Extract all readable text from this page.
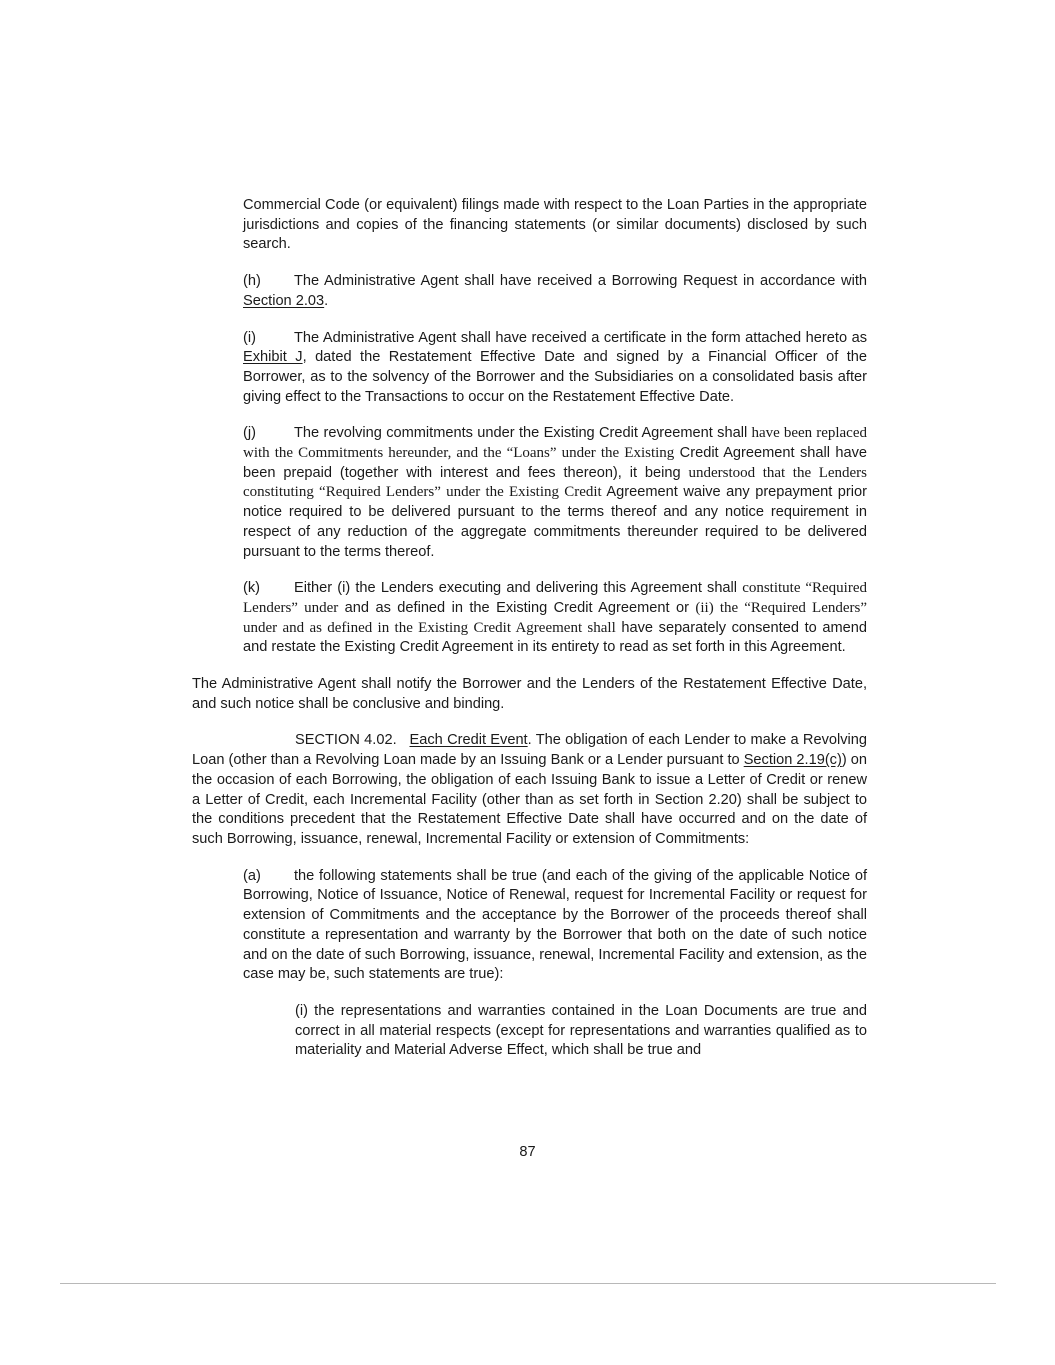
Commercial Code (or equivalent) filings made with respect to the Loan Parties in the appropriate jurisdictions and copies of the financing statements (or similar documents) disclosed by such search.

(h) The Administrative Agent shall have received a Borrowing Request in accordance with Section 2.03.

(i)	The Administrative Agent shall have received a certificate in the form attached hereto as Exhibit J, dated the Restatement Effective Date and signed by a Financial Officer of the Borrower, as to the solvency of the Borrower and the Subsidiaries on a consolidated basis after giving effect to the Transactions to occur on the Restatement Effective Date.

(j)	The revolving commitments under the Existing Credit Agreement shall have been replaced with the Commitments hereunder, and the “Loans” under the Existing Credit Agreement shall have been prepaid (together with interest and fees thereon), it being understood that the Lenders constituting “Required Lenders” under the Existing Credit Agreement waive any prepayment prior notice required to be delivered pursuant to the terms thereof and any notice requirement in respect of any reduction of the aggregate commitments thereunder required to be delivered pursuant to the terms thereof.

(k) Either (i) the Lenders executing and delivering this Agreement shall constitute “Required Lenders” under and as defined in the Existing Credit Agreement or (ii) the “Required Lenders” under and as defined in the Existing Credit Agreement shall have separately consented to amend and restate the Existing Credit Agreement in its entirety to read as set forth in this Agreement.

The Administrative Agent shall notify the Borrower and the Lenders of the Restatement Effective Date, and such notice shall be conclusive and binding.

SECTION 4.02. Each Credit Event. The obligation of each Lender to make a Revolving Loan (other than a Revolving Loan made by an Issuing Bank or a Lender pursuant to Section 2.19(c)) on the occasion of each Borrowing, the obligation of each Issuing Bank to issue a Letter of Credit or renew a Letter of Credit, each Incremental Facility (other than as set forth in Section 2.20) shall be subject to the conditions precedent that the Restatement Effective Date shall have occurred and on the date of such Borrowing, issuance, renewal, Incremental Facility or extension of Commitments:

(a) the following statements shall be true (and each of the giving of the applicable Notice of Borrowing, Notice of Issuance, Notice of Renewal, request for Incremental Facility or request for extension of Commitments and the acceptance by the Borrower of the proceeds thereof shall constitute a representation and warranty by the Borrower that both on the date of such notice and on the date of such Borrowing, issuance, renewal, Incremental Facility and extension, as the case may be, such statements are true):

(i) the representations and warranties contained in the Loan Documents are true and correct in all material respects (except for representations and warranties qualified as to materiality and Material Adverse Effect, which shall be true and

87
